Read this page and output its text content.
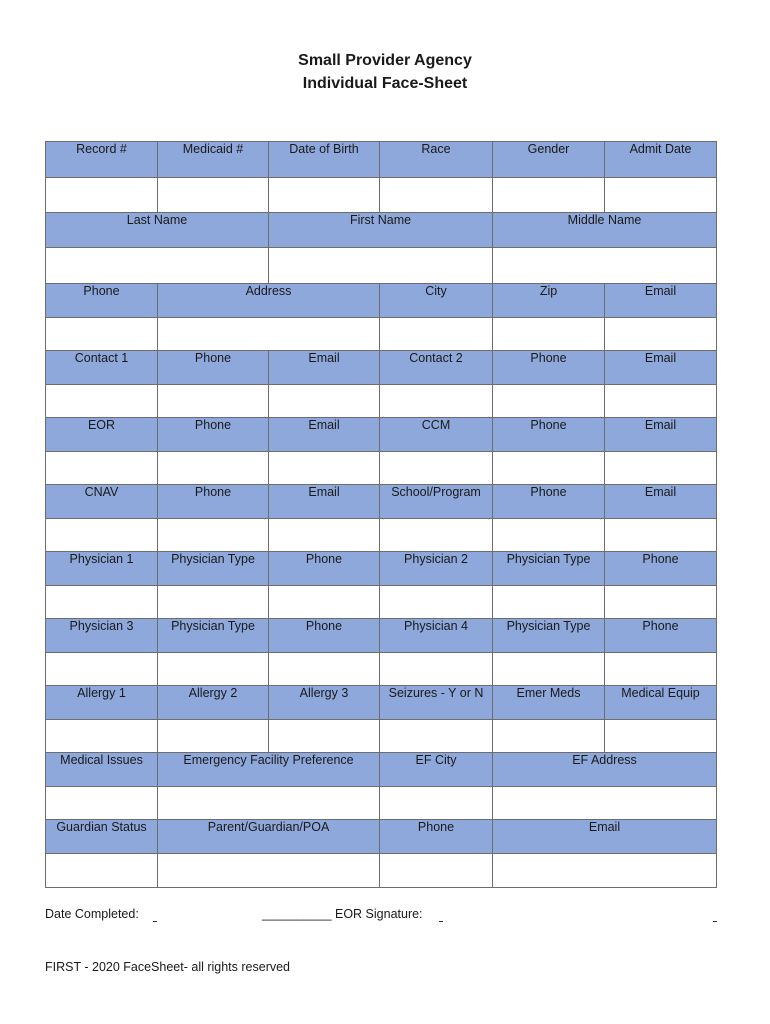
Small Provider Agency
Individual Face-Sheet
Record #	Medicaid #	Date of Birth	Race	Gender	Admit Date

Last Name		First Name		Middle Name	

Phone	Address		City	Zip	Email

Contact 1	Phone	Email	Contact 2	Phone	Email

EOR	Phone	Email	CCM	Phone	Email

CNAV	Phone	Email	School/Program	Phone	Email

Physician 1	Physician Type	Phone	Physician 2	Physician Type	Phone

Physician 3	Physician Type	Phone	Physician 4	Physician Type	Phone

Allergy 1	Allergy 2	Allergy 3	Seizures - Y or N	Emer Meds	Medical Equip

Medical Issues	Emergency Facility Preference		EF City	EF Address	

Guardian Status	Parent/Guardian/POA		Phone	Email	

Date Completed:	__________ EOR Signature:
FIRST - 2020 FaceSheet- all rights reserved
